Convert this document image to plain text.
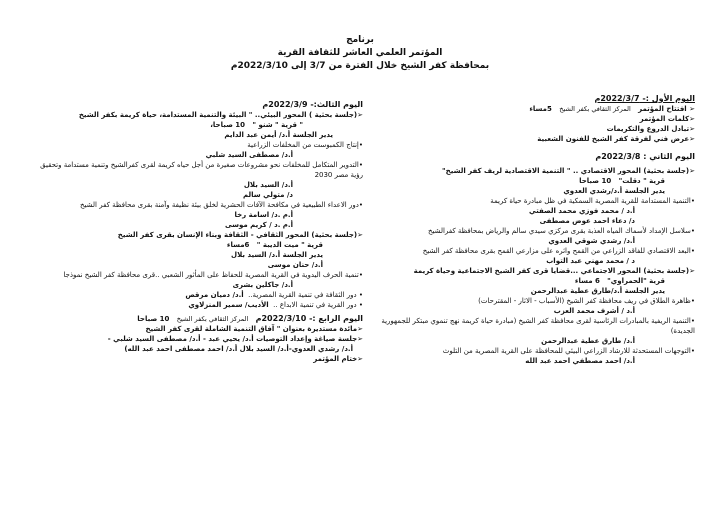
برنامج
المؤتمر العلمي العاشر للثقافة القرية
بمحافظة كفر الشيخ خلال الفترة من 3/7 إلى 2022/3/10م
اليوم الأول :- 2022/3/7م
➢ افتتاح المؤتمر   المركز الثقافي بكفر الشيخ   5مساء
➢ كلمات المؤتمر
➢ تبادل الدروع والتكريمات
➢ عرض فني لفرقة كفر الشيخ للفنون الشعبية
اليوم الثاني : 2022/3/8م
➢ (جلسة بحثية) المحور الاقتصادي .. " التنمية الاقتصادية لريف كفر الشيخ"
قرية " دقلت"   10 صباحا
يدير الجلسة أ.د/رشدي العدوي
• التنمية المستدامة للقرية المصرية السمكية في ظل مبادرة حياة كريمة
أ.د / محمد فوزي محمد الصفتي
د/ دعاء احمد عوض مصطفى
• سلاسل الإمداد لأسماك المياه العذبة بقرى مركزي سيدي سالم والرياض بمحافظة كفرالشيخ
أ.د/ رشدي شوقي العدوي
• البعد الاقتصادي للفاقد الزراعي من القمح واثره على مزارعي القمح بقرى محافظة كفر الشيخ
د / محمد مهني عبد التواب
➢ (جلسة بحثية) المحور الاجتماعي ...قضايا قرى كفر الشيخ الاجتماعية وحياة كريمة
قرية "الحمراوي"   6 مساء
يدير الجلسة أ.د/طارق عطية عبدالرحمن
• ظاهرة الطلاق في ريف محافظة كفر الشيخ (الأسباب - الاثار - المقترحات)
أ.د / أشرف محمد العزب
• التنمية الريفية بالمبادرات الرئاسية لقرى محافظة كفر الشيخ (مبادرة حياة كريمة نهج تنموي مبتكر للجمهورية الجديدة)
أ.د/ طارق عطية عبدالرحمن
• التوجهات المستحدثة للارشاد الزراعي البيئي للمحافظة على القرية المصرية من التلوث
أ.د/ احمد مصطفي احمد عبد الله
اليوم الثالث:- 2022/3/9م
➢ (جلسة بحثية ) المحور البيئي.. " البيئة والتنمية المستدامة، حياة كريمة بكفر الشيخ
" قرية " شنو "   10 صباحا،
يدير الجلسة أ.د/ أيمن عبد الدايم
• إنتاج الكمبوست من المخلفات الزراعية
أ.د/ مصطفى السيد شلبي
• التدوير المتكامل للمخلفات نحو مشروعات صغيرة من أجل حياه كريمة لقرى كفرالشيخ وتنمية مستدامة وتحقيق رؤية مصر 2030
أ.د/ السيد بلال
د/ متولي سالم
• دور الاعداء الطبيعية في مكافحة الآفات الحشرية لخلق بيئة نظيفة وآمنة بقرى محافظة كفر الشيخ
أ.م .د/ اسامة رخا
أ.م .د / كريم موسى
➢ (جلسة بحثية) المحور الثقافي - الثقافة وبناء الإنسان بقرى كفر الشيخ
قرية " ميت الديبة "   6مساء
يدير الجلسة أ.د/ السيد بلال
أ.د/ حنان موسى
• تنمية الحرف اليدوية في القرية المصرية للحفاظ على المأثور الشعبي ..قرى محافظة كفر الشيخ نموذجا
أ.د/ جاكلين بشرى
• دور الثقافة في تنمية القرية المصرية..  أ.د/ دميان مرقص
• دور القرية في تنمية الابداع ..  الأديب/ سمير المنزلاوي
اليوم الرابع :- 2022/3/10م   المركز الثقافي بكفر الشيخ   10 صباحا
➢ مائدة مستديرة بعنوان " آفاق التنمية الشاملة لقرى كفر الشيخ
➢ جلسة صياغة وإعداد التوصيات أ.د/ يحيي عبد - أ.د/ مصطفى السيد شلبي -
أ.د/ رشدي العدوي-أ.د/ السيد بلال أ.د/ احمد مصطفى احمد عبد الله)
➢ ختام المؤتمر
